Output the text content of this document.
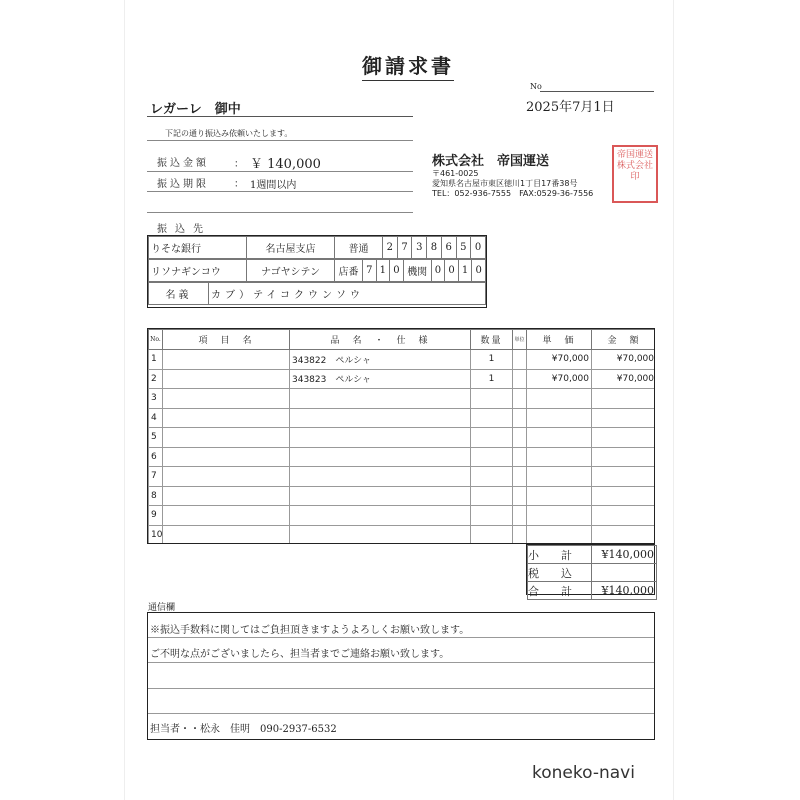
御請求書
No
2025年7月1日
レガーレ　御中
下記の通り振込み依頼いたします。
振込金額	： ￥ 140,000
振込期限	： 1週間以内
振込先
株式会社　帝国運送
〒461-0025
愛知県名古屋市東区徳川1丁目17番38号
TEL：052-936-7555　FAX:0529-36-7556
帝国運送株式会社印
りそな銀行	名古屋支店	普通	2	7	3	8	6	5	0
リソナギンコウ	ナゴヤシテン	店番	7	1	0	機関	0	0	1	0
名義	カブ）テイコクウンソウ
No.	項　目　名	品　名　・　仕　様	数量	単位	単　価	金　額
1		343822　ペルシャ	1		¥70,000	¥70,000
2		343823　ペルシャ	1		¥70,000	¥70,000
3						
4						
5						
6						
7						
8						
9						
10						
小　　計	¥140,000
税　　込	
合　　計	¥140,000
通信欄
※振込手数料に関してはご負担頂きますようよろしくお願い致します。
ご不明な点がございましたら、担当者までご連絡お願い致します。
担当者・・松永　佳明　090-2937-6532
koneko-navi
